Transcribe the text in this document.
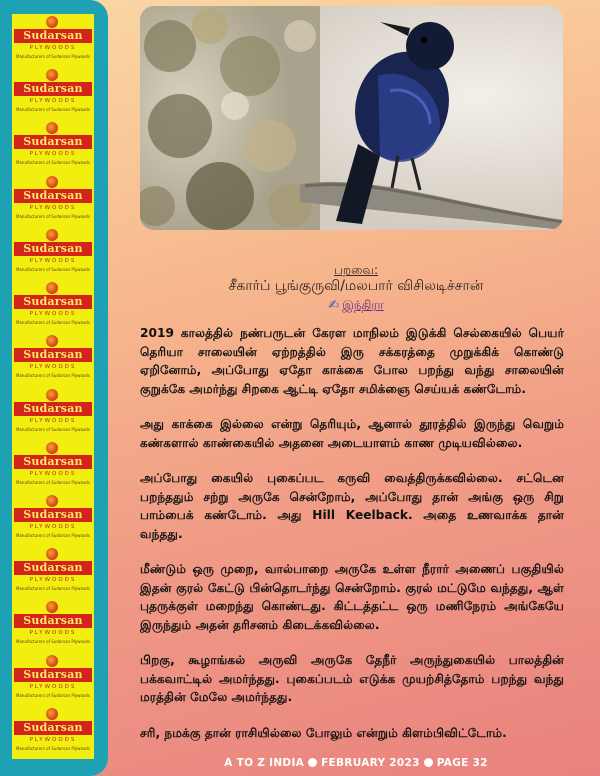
Sudarsan
PLYWOODS
Manufacturers of Sudarsan Plywoods
Sudarsan
PLYWOODS
Manufacturers of Sudarsan Plywoods
Sudarsan
PLYWOODS
Manufacturers of Sudarsan Plywoods
Sudarsan
PLYWOODS
Manufacturers of Sudarsan Plywoods
Sudarsan
PLYWOODS
Manufacturers of Sudarsan Plywoods
Sudarsan
PLYWOODS
Manufacturers of Sudarsan Plywoods
Sudarsan
PLYWOODS
Manufacturers of Sudarsan Plywoods
Sudarsan
PLYWOODS
Manufacturers of Sudarsan Plywoods
Sudarsan
PLYWOODS
Manufacturers of Sudarsan Plywoods
Sudarsan
PLYWOODS
Manufacturers of Sudarsan Plywoods
Sudarsan
PLYWOODS
Manufacturers of Sudarsan Plywoods
Sudarsan
PLYWOODS
Manufacturers of Sudarsan Plywoods
Sudarsan
PLYWOODS
Manufacturers of Sudarsan Plywoods
Sudarsan
PLYWOODS
Manufacturers of Sudarsan Plywoods
பறவை:
சீகார்ப் பூங்குருவி/மலபார் விசிலடிச்சான்
✍ இந்திரா

2019 காலத்தில் நண்பருடன் கேரள மாநிலம் இடுக்கி செல்கையில் பெயர் தெரியா சாலையின் ஏற்றத்தில் இரு சக்கரத்தை முறுக்கிக் கொண்டு ஏறினோம், அப்போது ஏதோ காக்கை போல பறந்து வந்து சாலையின் குறுக்கே அமர்ந்து சிறகை ஆட்டி ஏதோ சமிக்ஞை செய்யக் கண்டோம்.

அது காக்கை இல்லை என்று தெரியும், ஆனால் தூரத்தில் இருந்து வெறும் கண்களால் காண்கையில் அதனை அடையாளம் காண முடியவில்லை.

அப்போது கையில் புகைப்பட கருவி வைத்திருக்கவில்லை. சட்டென பறந்ததும் சற்று அருகே சென்றோம், அப்போது தான் அங்கு ஒரு சிறு பாம்பைக் கண்டோம். அது Hill Keelback. அதை உணவாக்க தான் வந்தது.

மீண்டும் ஒரு முறை, வால்பாறை அருகே உள்ள நீரார் அணைப் பகுதியில் இதன் குரல் கேட்டு பின்தொடர்ந்து சென்றோம். குரல் மட்டுமே வந்தது, ஆள் புதருக்குள் மறைந்து கொண்டது. கிட்டத்தட்ட ஒரு மணிநேரம் அங்கேயே இருந்தும் அதன் தரிசனம் கிடைக்கவில்லை.

பிறகு, கூழாங்கல் அருவி அருகே தேநீர் அருந்துகையில் பாலத்தின் பக்கவாட்டில் அமர்ந்தது. புகைப்படம் எடுக்க முயற்சித்தோம் பறந்து வந்து மரத்தின் மேலே அமர்ந்தது.

சரி, நமக்கு தான் ராசியில்லை போலும் என்றும் கிளம்பிவிட்டோம்.

A TO Z INDIA FEBRUARY 2023 PAGE 32
